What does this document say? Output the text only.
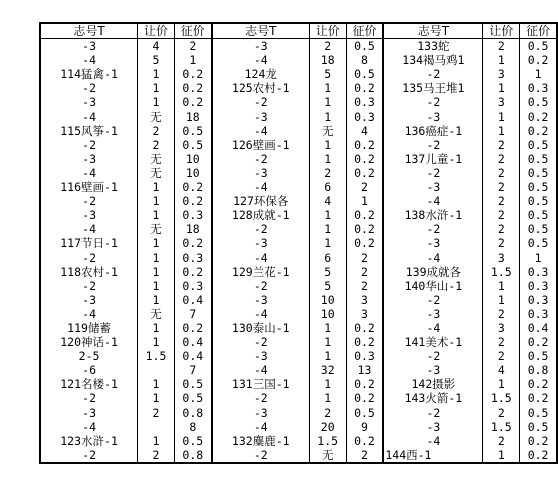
志号T	让价	征价	志号T	让价	征价	志号T	让价	征价
-3	4	2	-3	2	0.5	133蛇	2	0.5
-4	5	1	-4	18	8	134褐马鸡1	1	0.2
114猛禽-1	1	0.2	124龙	5	0.5	-2	3	1
-2	1	0.2	125农村-1	1	0.2	135马王堆1	1	0.3
-3	1	0.2	-2	1	0.3	-2	3	0.5
-4	无	18	-3	1	0.3	-3	1	0.2
115风筝-1	2	0.5	-4	无	4	136癌症-1	1	0.2
-2	2	0.5	126壁画-1	1	0.2	-2	2	0.5
-3	无	10	-2	1	0.2	137儿童-1	2	0.5
-4	无	10	-3	2	0.2	-2	2	0.5
116壁画-1	1	0.2	-4	6	2	-3	2	0.5
-2	1	0.2	127环保各	4	1	-4	2	0.5
-3	1	0.3	128成就-1	1	0.2	138水浒-1	2	0.5
-4	无	18	-2	1	0.2	-2	2	0.5
117节日-1	1	0.2	-3	1	0.2	-3	2	0.5
-2	1	0.3	-4	6	2	-4	3	1
118农村-1	1	0.2	129兰花-1	5	2	139成就各	1.5	0.3
-2	1	0.3	-2	5	2	140华山-1	1	0.3
-3	1	0.4	-3	10	3	-2	1	0.3
-4	无	7	-4	10	3	-3	2	0.3
119储蓄	1	0.2	130泰山-1	1	0.2	-4	3	0.4
120神话-1	1	0.4	-2	1	0.2	141美术-1	2	0.2
2-5	1.5	0.4	-3	1	0.3	-2	2	0.5
-6		7	-4	32	13	-3	4	0.8
121名楼-1	1	0.5	131三国-1	1	0.2	142摄影	1	0.2
-2	1	0.5	-2	1	0.2	143火箭-1	1.5	0.2
-3	2	0.8	-3	2	0.5	-2	2	0.5
-4		8	-4	20	9	-3	1.5	0.5
123水浒-1	1	0.5	132麋鹿-1	1.5	0.2	-4	2	0.2
-2	2	0.8	-2	无	2	144西-1	1	0.2
